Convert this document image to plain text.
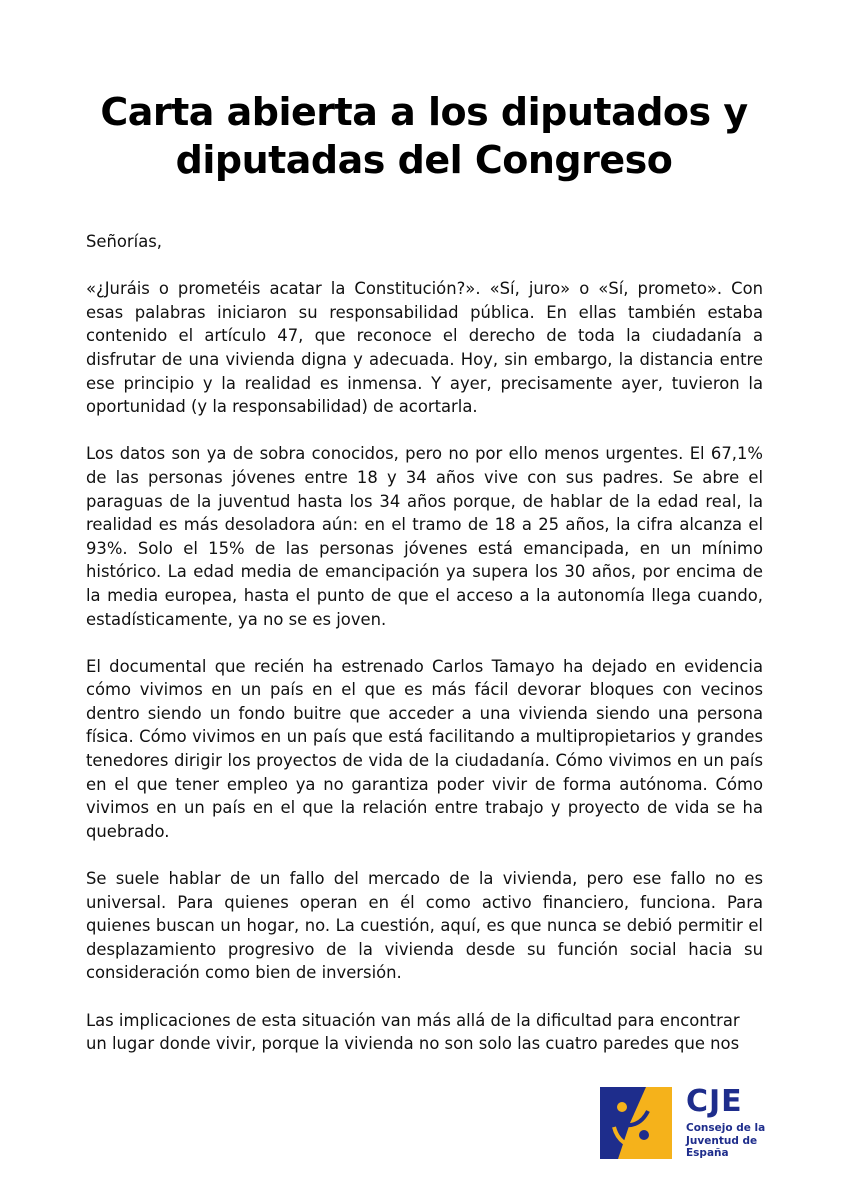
Carta abierta a los diputados y diputadas del Congreso

Señorías,

«¿Juráis o prometéis acatar la Constitución?». «Sí, juro» o «Sí, prometo». Con esas palabras iniciaron su responsabilidad pública. En ellas también estaba contenido el artículo 47, que reconoce el derecho de toda la ciudadanía a disfrutar de una vivienda digna y adecuada. Hoy, sin embargo, la distancia entre ese principio y la realidad es inmensa. Y ayer, precisamente ayer, tuvieron la oportunidad (y la responsabilidad) de acortarla.

Los datos son ya de sobra conocidos, pero no por ello menos urgentes. El 67,1% de las personas jóvenes entre 18 y 34 años vive con sus padres. Se abre el paraguas de la juventud hasta los 34 años porque, de hablar de la edad real, la realidad es más desoladora aún: en el tramo de 18 a 25 años, la cifra alcanza el 93%. Solo el 15% de las personas jóvenes está emancipada, en un mínimo histórico. La edad media de emancipación ya supera los 30 años, por encima de la media europea, hasta el punto de que el acceso a la autonomía llega cuando, estadísticamente, ya no se es joven.

El documental que recién ha estrenado Carlos Tamayo ha dejado en evidencia cómo vivimos en un país en el que es más fácil devorar bloques con vecinos dentro siendo un fondo buitre que acceder a una vivienda siendo una persona física. Cómo vivimos en un país que está facilitando a multipropietarios y grandes tenedores dirigir los proyectos de vida de la ciudadanía. Cómo vivimos en un país en el que tener empleo ya no garantiza poder vivir de forma autónoma. Cómo vivimos en un país en el que la relación entre trabajo y proyecto de vida se ha quebrado.

Se suele hablar de un fallo del mercado de la vivienda, pero ese fallo no es universal. Para quienes operan en él como activo financiero, funciona. Para quienes buscan un hogar, no. La cuestión, aquí, es que nunca se debió permitir el desplazamiento progresivo de la vivienda desde su función social hacia su consideración como bien de inversión.

Las implicaciones de esta situación van más allá de la dificultad para encontrar un lugar donde vivir, porque la vivienda no son solo las cuatro paredes que nos

CJE
Consejo de la Juventud de España
